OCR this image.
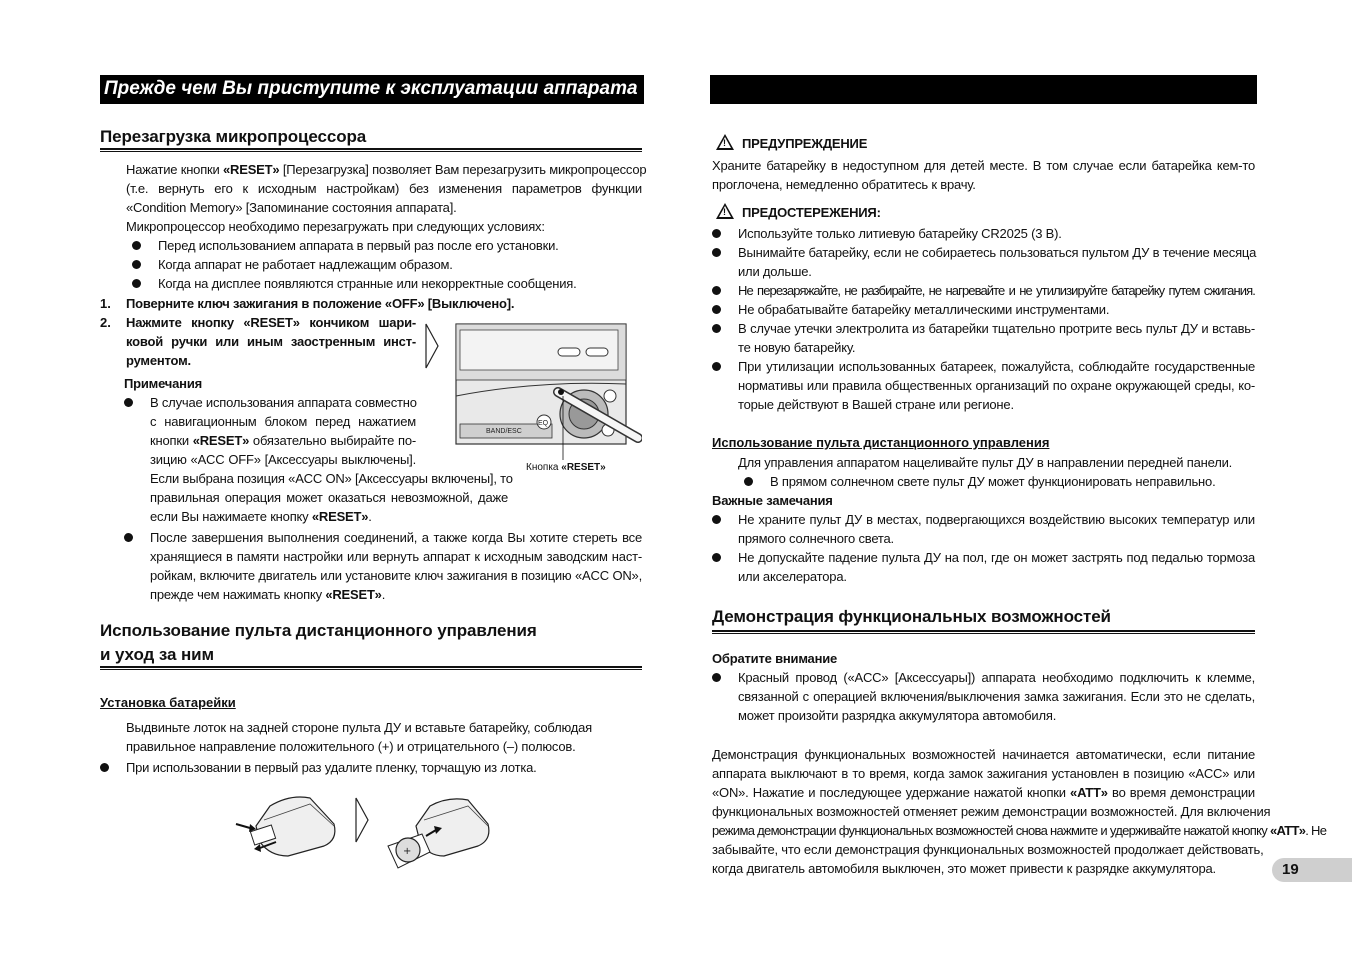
Прежде чем Вы приступите к эксплуатации аппарата
Перезагрузка микропроцессора
Нажатие кнопки «RESET» [Перезагрузка] позволяет Вам перезагрузить микропроцессор
(т.е. вернуть его к исходным настройкам) без изменения параметров функции
«Condition Memory» [Запоминание состояния аппарата].
Микропроцессор необходимо перезагружать при следующих условиях:
Перед использованием аппарата в первый раз после его установки.
Когда аппарат не работает надлежащим образом.
Когда на дисплее появляются странные или некорректные сообщения.
1. Поверните ключ зажигания в положение «OFF» [Выключено].
2. Нажмите кнопку «RESET» кончиком шари-
ковой ручки или иным заостренным инст-
рументом.
Примечания
В случае использования аппарата совместно
с навигационным блоком перед нажатием
кнопки «RESET» обязательно выбирайте по-
зицию «ACC OFF» [Аксессуары выключены].
Если выбрана позиция «ACC ON» [Аксессуары включены], то
правильная операция может оказаться невозможной, даже
если Вы нажимаете кнопку «RESET».
После завершения выполнения соединений, а также когда Вы хотите стереть все
хранящиеся в памяти настройки или вернуть аппарат к исходным заводским наст-
ройкам, включите двигатель или установите ключ зажигания в позицию «ACC ON»,
прежде чем нажимать кнопку «RESET».
BAND/ESC
EQ
Кнопка «RESET»
Использование пульта дистанционного управления
и уход за ним
Установка батарейки
Выдвиньте лоток на задней стороне пульта ДУ и вставьте батарейку, соблюдая
правильное направление положительного (+) и отрицательного (–) полюсов.
При использовании в первый раз удалите пленку, торчащую из лотка.
+
!ПРЕДУПРЕЖДЕНИЕ
Храните батарейку в недоступном для детей месте. В том случае если батарейка кем-то
проглочена, немедленно обратитесь к врачу.
!ПРЕДОСТЕРЕЖЕНИЯ:
Используйте только литиевую батарейку CR2025 (3 В).
Вынимайте батарейку, если не собираетесь пользоваться пультом ДУ в течение месяца
или дольше.
Не перезаряжайте, не разбирайте, не нагревайте и не утилизируйте батарейку путем сжигания.
Не обрабатывайте батарейку металлическими инструментами.
В случае утечки электролита из батарейки тщательно протрите весь пульт ДУ и вставь-
те новую батарейку.
При утилизации использованных батареек, пожалуйста, соблюдайте государственные
нормативы или правила общественных организаций по охране окружающей среды, ко-
торые действуют в Вашей стране или регионе.
Использование пульта дистанционного управления
Для управления аппаратом нацеливайте пульт ДУ в направлении передней панели.
В прямом солнечном свете пульт ДУ может функционировать неправильно.
Важные замечания
Не храните пульт ДУ в местах, подвергающихся воздействию высоких температур или
прямого солнечного света.
Не допускайте падение пульта ДУ на пол, где он может застрять под педалью тормоза
или акселератора.
Демонстрация функциональных возможностей
Обратите внимание
Красный провод («ACC» [Аксессуары]) аппарата необходимо подключить к клемме,
связанной с операцией включения/выключения замка зажигания. Если это не сделать,
может произойти разрядка аккумулятора автомобиля.
Демонстрация функциональных возможностей начинается автоматически, если питание
аппарата выключают в то время, когда замок зажигания установлен в позицию «ACC» или
«ON». Нажатие и последующее удержание нажатой кнопки «ATT» во время демонстрации
функциональных возможностей отменяет режим демонстрации возможностей. Для включения
режима демонстрации функциональных возможностей снова нажмите и удерживайте нажатой кнопку «ATT». Не
забывайте, что если демонстрация функциональных возможностей продолжает действовать,
когда двигатель автомобиля выключен, это может привести к разрядке аккумулятора.	19
